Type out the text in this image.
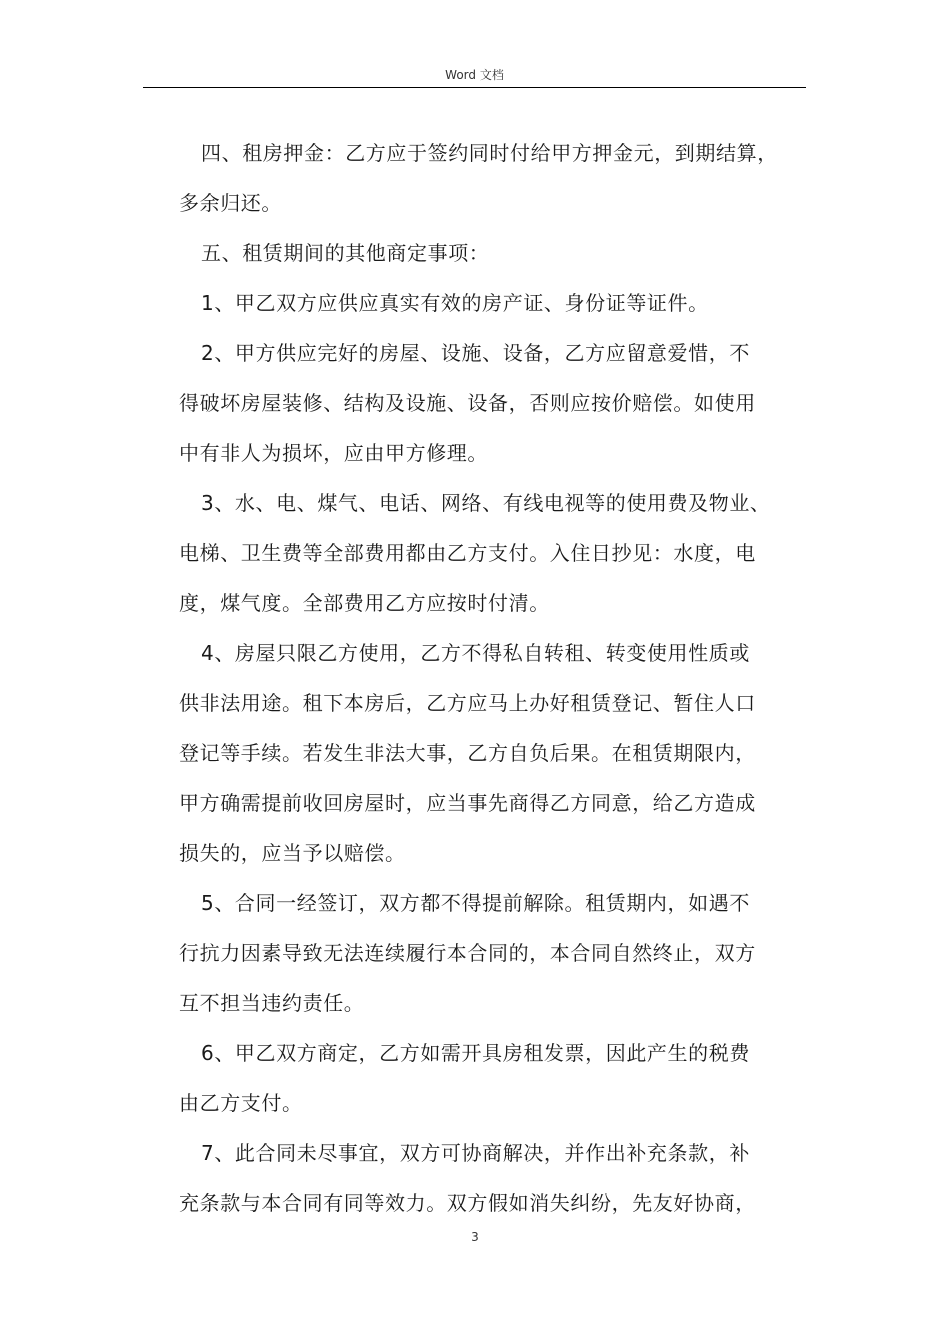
Word 文档
四、租房押金：乙方应于签约同时付给甲方押金元，到期结算，
多余归还。
五、租赁期间的其他商定事项：
1、甲乙双方应供应真实有效的房产证、身份证等证件。
2、甲方供应完好的房屋、设施、设备，乙方应留意爱惜，不
得破坏房屋装修、结构及设施、设备，否则应按价赔偿。如使用
中有非人为损坏，应由甲方修理。
3、水、电、煤气、电话、网络、有线电视等的使用费及物业、
电梯、卫生费等全部费用都由乙方支付。入住日抄见：水度，电
度，煤气度。全部费用乙方应按时付清。
4、房屋只限乙方使用，乙方不得私自转租、转变使用性质或
供非法用途。租下本房后，乙方应马上办好租赁登记、暂住人口
登记等手续。若发生非法大事，乙方自负后果。在租赁期限内，
甲方确需提前收回房屋时，应当事先商得乙方同意，给乙方造成
损失的，应当予以赔偿。
5、合同一经签订，双方都不得提前解除。租赁期内，如遇不
行抗力因素导致无法连续履行本合同的，本合同自然终止，双方
互不担当违约责任。
6、甲乙双方商定，乙方如需开具房租发票，因此产生的税费
由乙方支付。
7、此合同未尽事宜，双方可协商解决，并作出补充条款，补
充条款与本合同有同等效力。双方假如消失纠纷，先友好协商，
3
